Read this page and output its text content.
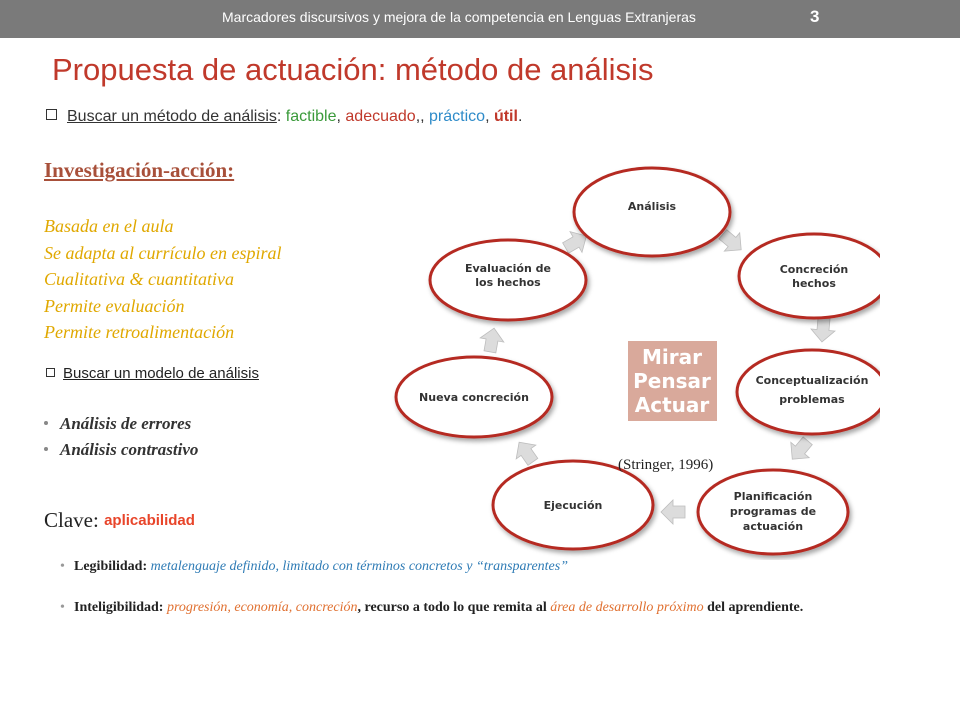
Marcadores discursivos y mejora de la competencia en Lenguas Extranjeras	3
Propuesta de actuación: método de análisis
Buscar un método de análisis: factible, adecuado,, práctico, útil.
Investigación-acción:
Basada en el aula
Se adapta al currículo en espiral
Cualitativa & cuantitativa
Permite evaluación
Permite retroalimentación
Buscar un modelo de análisis
Análisis de errores
Análisis contrastivo
Clave: aplicabilidad
• Legibilidad: metalenguaje definido, limitado con términos concretos y “transparentes”
• Inteligibilidad: progresión, economía, concreción, recurso a todo lo que remita al área de desarrollo próximo del aprendiente.
Análisis
Concreción
hechos
Conceptualización
problemas
Planificación
programas de
actuación
Ejecución
Nueva concreción
Evaluación de
los hechos
Mirar
Pensar
Actuar
(Stringer, 1996)
